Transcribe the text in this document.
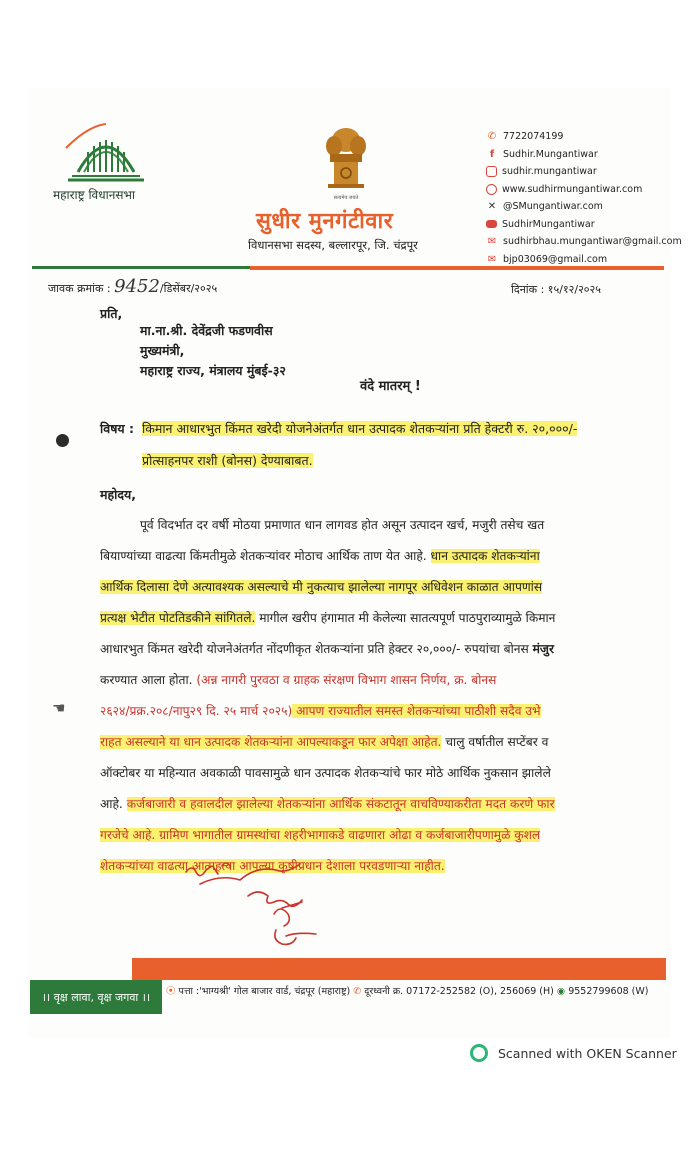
महाराष्ट्र विधानसभा	सत्यमेव जयते
सुधीर मुनगंटीवार
विधानसभा सदस्य, बल्लारपूर, जि. चंद्रपूर
✆ 7722074199
f Sudhir.Mungantiwar
sudhir.mungantiwar
www.sudhirmungantiwar.com
✕ @SMungantiwar.com
SudhirMungantiwar
✉ sudhirbhau.mungantiwar@gmail.com
✉ bjp03069@gmail.com
जावक क्रमांक : 9452/डिसेंबर/२०२५	दिनांक : १५/१२/२०२५
प्रति,
मा.ना.श्री. देवेंद्रजी फडणवीस
मुख्यमंत्री,
महाराष्ट्र राज्य, मंत्रालय मुंबई-३२
वंदे मातरम् !
विषय : किमान आधारभुत किंमत खरेदी योजनेअंतर्गत धान उत्पादक शेतकऱ्यांना प्रति हेक्टरी रु. २०,०००/-
प्रोत्साहनपर राशी (बोनस) देण्याबाबत.
महोदय,
पूर्व विदर्भात दर वर्षी मोठया प्रमाणात धान लागवड होत असून उत्पादन खर्च, मजुरी तसेच खत
बियाण्यांच्या वाढत्या किंमतीमुळे शेतकऱ्यांवर मोठाच आर्थिक ताण येत आहे. धान उत्पादक शेतकऱ्यांना
आर्थिक दिलासा देणे अत्यावश्यक असल्याचे मी नुकत्याच झालेल्या नागपूर अधिवेशन काळात आपणांस
प्रत्यक्ष भेटीत पोटतिडकीने सांगितले. मागील खरीप हंगामात मी केलेल्या सातत्यपूर्ण पाठपुराव्यामुळे किमान
आधारभुत किंमत खरेदी योजनेअंतर्गत नोंदणीकृत शेतकऱ्यांना प्रति हेक्टर २०,०००/- रुपयांचा बोनस मंजुर
करण्यात आला होता. (अन्न नागरी पुरवठा व ग्राहक संरक्षण विभाग शासन निर्णय, क्र. बोनस
२६२४/प्रक्र.२०८/नापु२९ दि. २५ मार्च २०२५) आपण राज्यातील समस्त शेतकऱ्यांच्या पाठीशी सदैव उभे
राहत असल्याने या धान उत्पादक शेतकऱ्यांना आपल्याकडून फार अपेक्षा आहेत. चालु वर्षातील सप्टेंबर व
ऑक्टोबर या महिन्यात अवकाळी पावसामुळे धान उत्पादक शेतकऱ्यांचे फार मोठे आर्थिक नुकसान झालेले
आहे. कर्जबाजारी व हवालदील झालेल्या शेतकऱ्यांना आर्थिक संकटातून वाचविण्याकरीता मदत करणे फार
गरजेचे आहे. ग्रामिण भागातील ग्रामस्थांचा शहरीभागाकडे वाढणारा ओढा व कर्जबाजारीपणामुळे कुशल
शेतकऱ्यांच्या वाढत्या आत्महत्या आपल्या कृषीप्रधान देशाला परवडणाऱ्या नाहीत.
☚
।। वृक्ष लावा, वृक्ष जगवा ।।	⦿ पत्ता :'भाग्यश्री' गोल बाजार वार्ड, चंद्रपूर (महाराष्ट्र) ✆ दूरध्वनी क्र. 07172-252582 (O), 256069 (H) ◉ 9552799608 (W)
Scanned with OKEN Scanner
